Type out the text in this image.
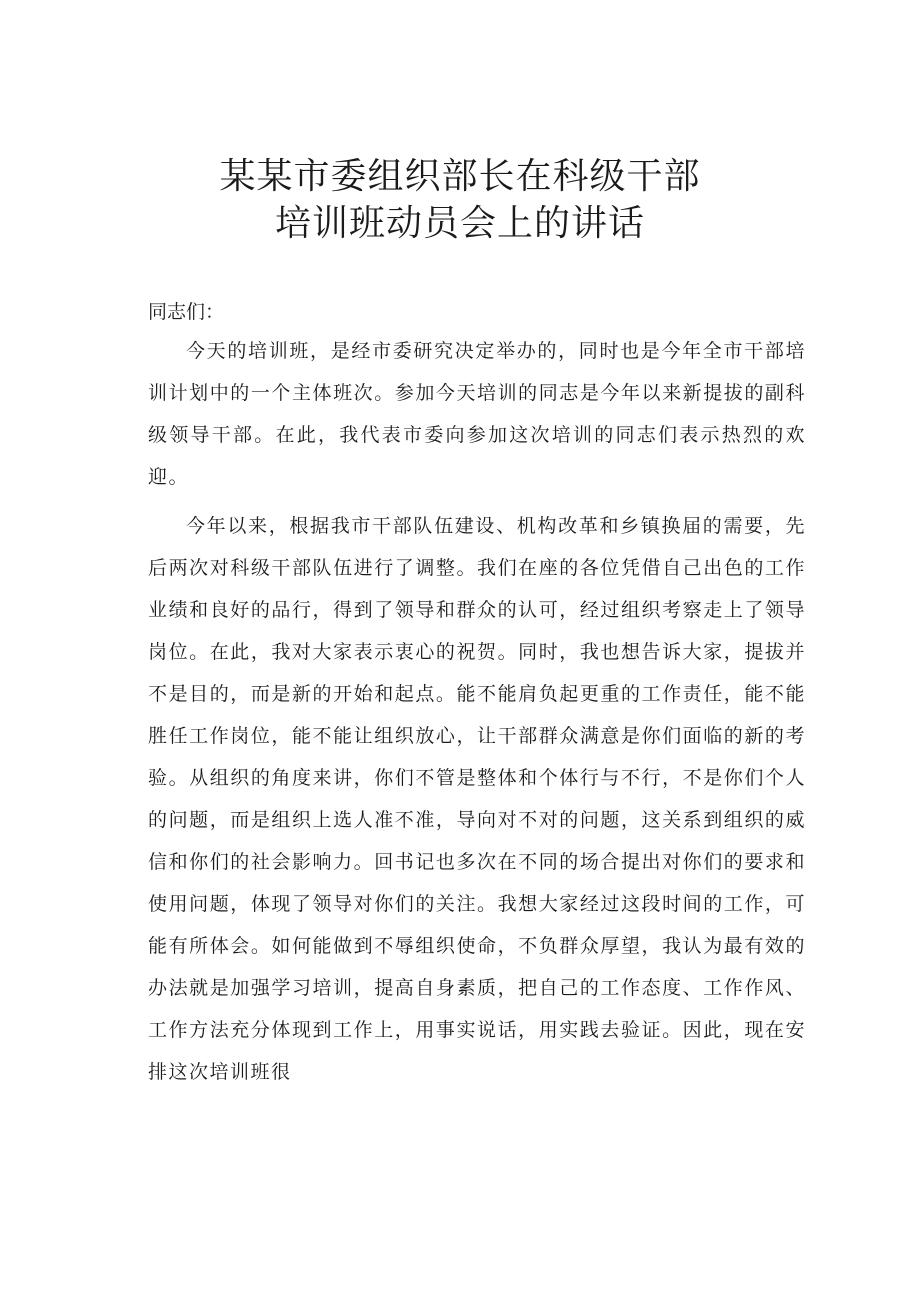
某某市委组织部长在科级干部
培训班动员会上的讲话

同志们：

今天的培训班，是经市委研究决定举办的，同时也是今年全市干部培训计划中的一个主体班次。参加今天培训的同志是今年以来新提拔的副科级领导干部。在此，我代表市委向参加这次培训的同志们表示热烈的欢迎。

今年以来，根据我市干部队伍建设、机构改革和乡镇换届的需要，先后两次对科级干部队伍进行了调整。我们在座的各位凭借自己出色的工作业绩和良好的品行，得到了领导和群众的认可，经过组织考察走上了领导岗位。在此，我对大家表示衷心的祝贺。同时，我也想告诉大家，提拔并不是目的，而是新的开始和起点。能不能肩负起更重的工作责任，能不能胜任工作岗位，能不能让组织放心，让干部群众满意是你们面临的新的考验。从组织的角度来讲，你们不管是整体和个体行与不行，不是你们个人的问题，而是组织上选人准不准，导向对不对的问题，这关系到组织的威信和你们的社会影响力。回书记也多次在不同的场合提出对你们的要求和使用问题，体现了领导对你们的关注。我想大家经过这段时间的工作，可能有所体会。如何能做到不辱组织使命，不负群众厚望，我认为最有效的办法就是加强学习培训，提高自身素质，把自己的工作态度、工作作风、工作方法充分体现到工作上，用事实说话，用实践去验证。因此，现在安排这次培训班很
